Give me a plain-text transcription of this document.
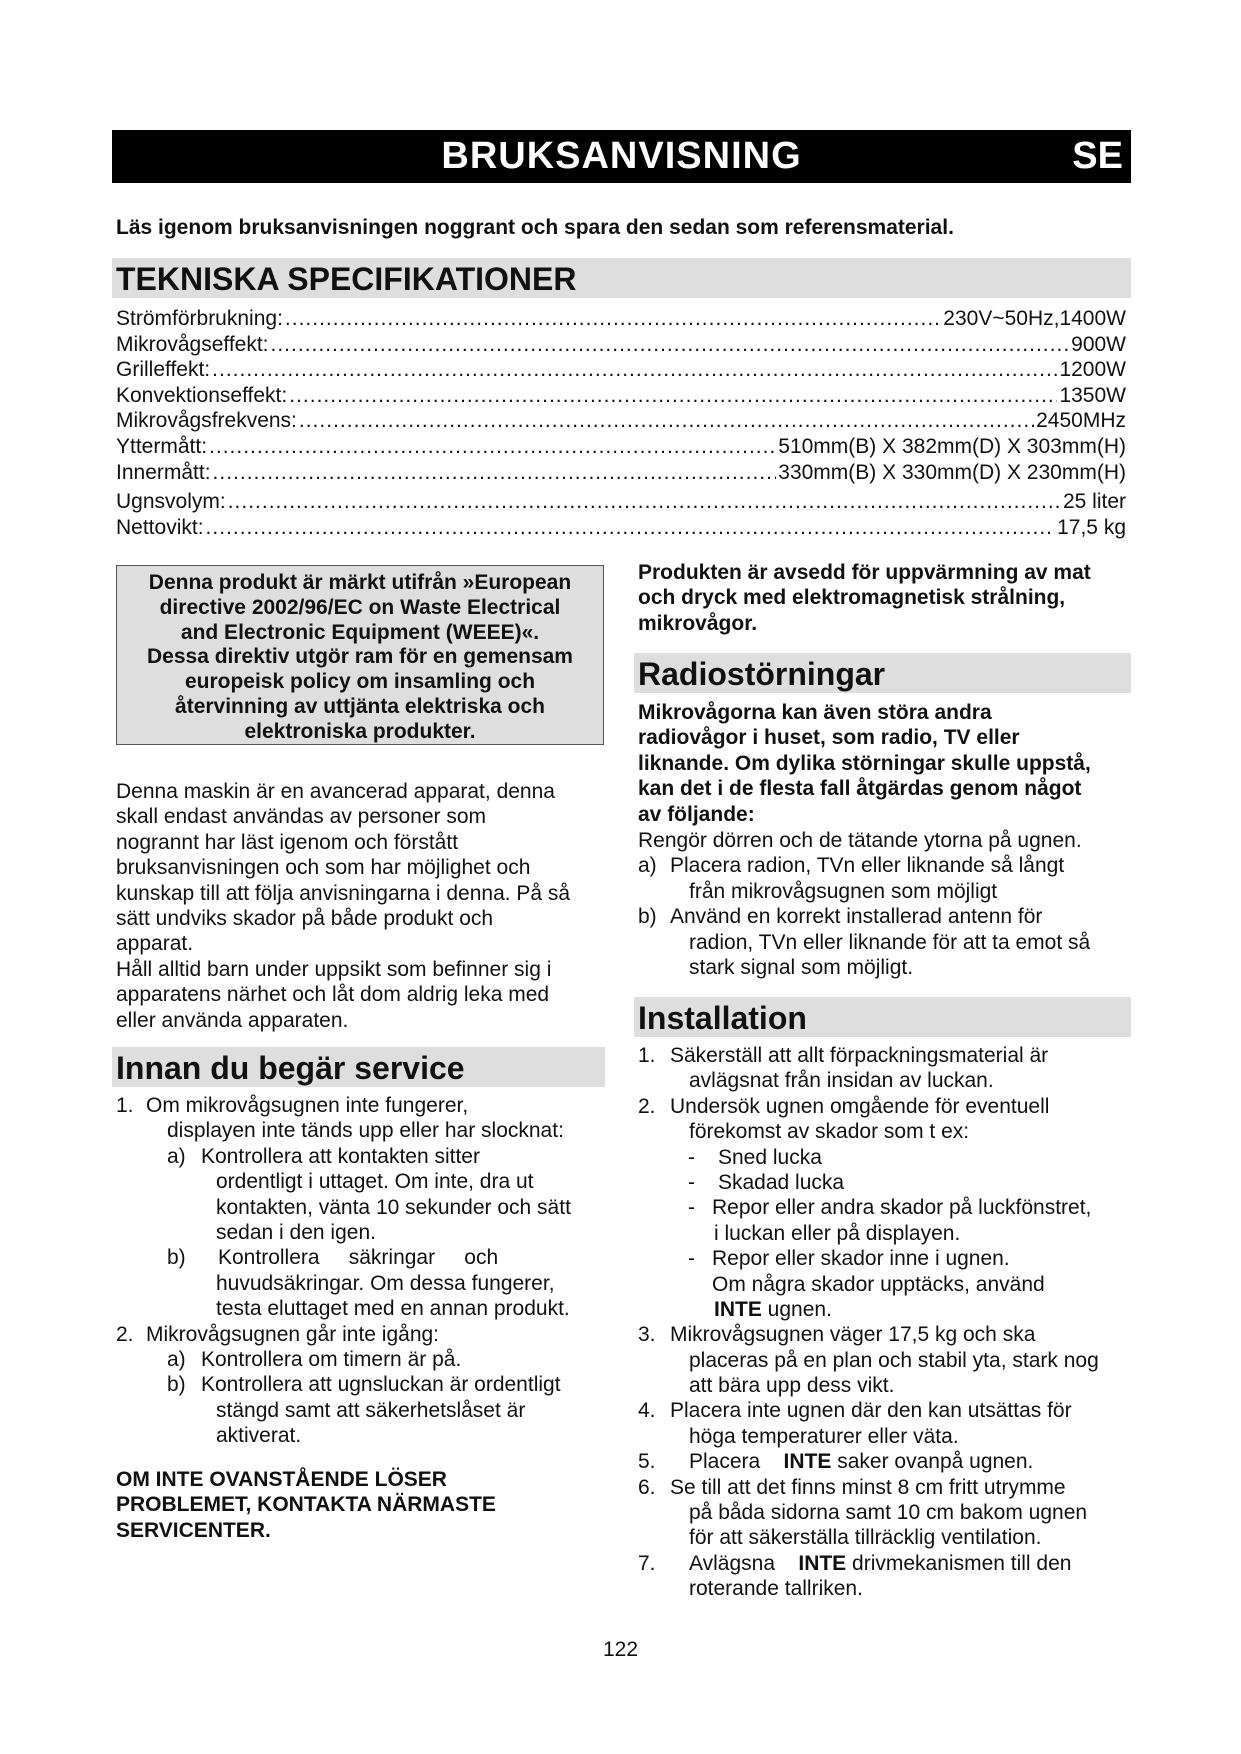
BRUKSANVISNING	SE
Läs igenom bruksanvisningen noggrant och spara den sedan som referensmaterial.
TEKNISKA SPECIFIKATIONER
Strömförbrukning: .....	230V~50Hz,1400W
Mikrovågseffekt: .....	900W
Grilleffekt: .....	1200W
Konvektionseffekt: .....	1350W
Mikrovågsfrekvens: .....	2450MHz
Yttermått: .....	510mm(B) X 382mm(D) X 303mm(H)
Innermått: .....	330mm(B) X 330mm(D) X 230mm(H)
Ugnsvolym: .....	25 liter
Nettovikt: .....	17,5 kg
Denna produkt är märkt utifrån »European
directive 2002/96/EC on Waste Electrical
and Electronic Equipment (WEEE)«.
Dessa direktiv utgör ram för en gemensam
europeisk policy om insamling och
återvinning av uttjänta elektriska och
elektroniska produkter.
Denna maskin är en avancerad apparat, denna
skall endast användas av personer som
nogrannt har läst igenom och förstått
bruksanvisningen och som har möjlighet och
kunskap till att följa anvisningarna i denna. På så
sätt undviks skador på både produkt och
apparat.
Håll alltid barn under uppsikt som befinner sig i
apparatens närhet och låt dom aldrig leka med
eller använda apparaten.
Innan du begär service
1. Om mikrovågsugnen inte fungerer,
displayen inte tänds upp eller har slocknat:
a) Kontrollera att kontakten sitter
ordentligt i uttaget. Om inte, dra ut
kontakten, vänta 10 sekunder och sätt
sedan i den igen.
b) Kontrollera     säkringar     och
huvudsäkringar. Om dessa fungerer,
testa eluttaget med en annan produkt.
2. Mikrovågsugnen går inte igång:
a) Kontrollera om timern är på.
b) Kontrollera att ugnsluckan är ordentligt
stängd samt att säkerhetslåset är
aktiverat.
OM INTE OVANSTÅENDE LÖSER
PROBLEMET, KONTAKTA NÄRMASTE
SERVICENTER.
Produkten är avsedd för uppvärmning av mat
och dryck med elektromagnetisk strålning,
mikrovågor.
Radiostörningar
Mikrovågorna kan även störa andra
radiovågor i huset, som radio, TV eller
liknande. Om dylika störningar skulle uppstå,
kan det i de flesta fall åtgärdas genom något
av följande:
Rengör dörren och de tätande ytorna på ugnen.
a) Placera radion, TVn eller liknande så långt
från mikrovågsugnen som möjligt
b) Använd en korrekt installerad antenn för
radion, TVn eller liknande för att ta emot så
stark signal som möjligt.
Installation
1. Säkerställ att allt förpackningsmaterial är
avlägsnat från insidan av luckan.
2. Undersök ugnen omgående för eventuell
förekomst av skador som t ex:
- Sned lucka
- Skadad lucka
- Repor eller andra skador på luckfönstret,
i luckan eller på displayen.
- Repor eller skador inne i ugnen.
Om några skador upptäcks, använd
INTE ugnen.
3. Mikrovågsugnen väger 17,5 kg och ska
placeras på en plan och stabil yta, stark nog
att bära upp dess vikt.
4. Placera inte ugnen där den kan utsättas för
höga temperaturer eller väta.
5. Placera    INTE saker ovanpå ugnen.
6. Se till att det finns minst 8 cm fritt utrymme
på båda sidorna samt 10 cm bakom ugnen
för att säkerställa tillräcklig ventilation.
7. Avlägsna    INTE drivmekanismen till den
roterande tallriken.
122
